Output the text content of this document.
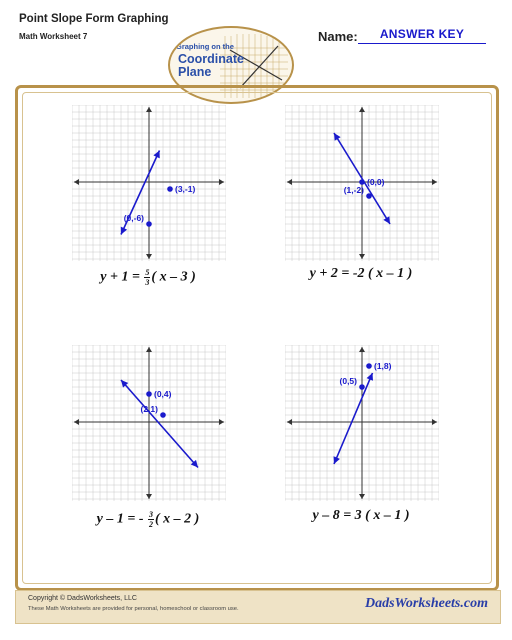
Point Slope Form Graphing
Math Worksheet 7	Name:	ANSWER KEY
Graphing on the
Coordinate
Plane
(3,-1)
(0,-6)
(0,0)
(1,-2)
(0,4)
(2,1)
(1,8)
(0,5)
$y + 1 = \frac{5}{3}$ ( x – 3 )	y + 2 = -2 ( x – 1 )
y – 1 = - $\frac{3}{2}$ ( x – 2 )	y – 8 = 3 ( x – 1 )
Copyright © DadsWorksheets, LLC
These Math Worksheets are provided for personal, homeschool or classroom use.	DadsWorksheets.com
